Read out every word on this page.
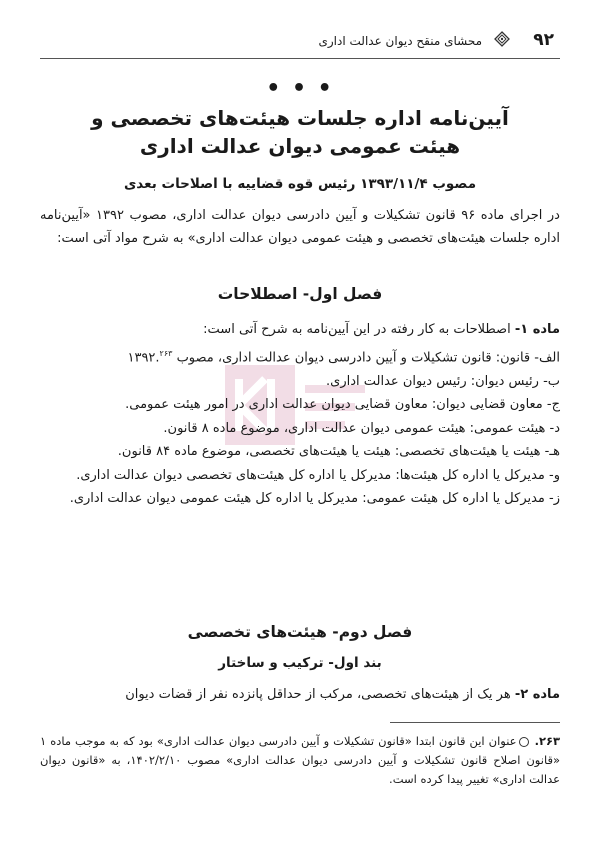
۹۲
محشای منقح دیوان عدالت اداری
• • •
آیین‌نامه اداره جلسات هیئت‌های تخصصی و
هیئت عمومی دیوان عدالت اداری
مصوب ۱۳۹۳/۱۱/۴ رئیس قوه قضاییه با اصلاحات بعدی
در اجرای ماده ۹۶ قانون تشکیلات و آیین دادرسی دیوان عدالت اداری، مصوب ۱۳۹۲ «آیین‌نامه اداره جلسات هیئت‌های تخصصی و هیئت عمومی دیوان عدالت اداری» به شرح مواد آتی است:
فصل اول- اصطلاحات
ماده ۱- اصطلاحات به کار رفته در این آیین‌نامه به شرح آتی است:
الف- قانون: قانون تشکیلات و آیین دادرسی دیوان عدالت اداری، مصوب ۱۳۹۲.$^{۲۶۳}$
ب- رئیس دیوان: رئیس دیوان عدالت اداری.
ج- معاون قضایی دیوان: معاون قضایی دیوان عدالت اداری در امور هیئت عمومی.
د- هیئت عمومی: هیئت عمومی دیوان عدالت اداری، موضوع ماده ۸ قانون.
هـ- هیئت یا هیئت‌های تخصصی: هیئت یا هیئت‌های تخصصی، موضوع ماده ۸۴ قانون.
و- مدیرکل یا اداره کل هیئت‌ها: مدیرکل یا اداره کل هیئت‌های تخصصی دیوان عدالت اداری.
ز- مدیرکل یا اداره کل هیئت عمومی: مدیرکل یا اداره کل هیئت عمومی دیوان عدالت اداری.
فصل دوم- هیئت‌های تخصصی
بند اول- ترکیب و ساختار
ماده ۲- هر یک از هیئت‌های تخصصی، مرکب از حداقل پانزده نفر از قضات دیوان
۲۶۳. عنوان این قانون ابتدا «قانون تشکیلات و آیین دادرسی دیوان عدالت اداری» بود که به موجب ماده ۱ «قانون اصلاح قانون تشکیلات و آیین دادرسی دیوان عدالت اداری» مصوب ۱۴۰۲/۲/۱۰، به «قانون دیوان عدالت اداری» تغییر پیدا کرده است.
